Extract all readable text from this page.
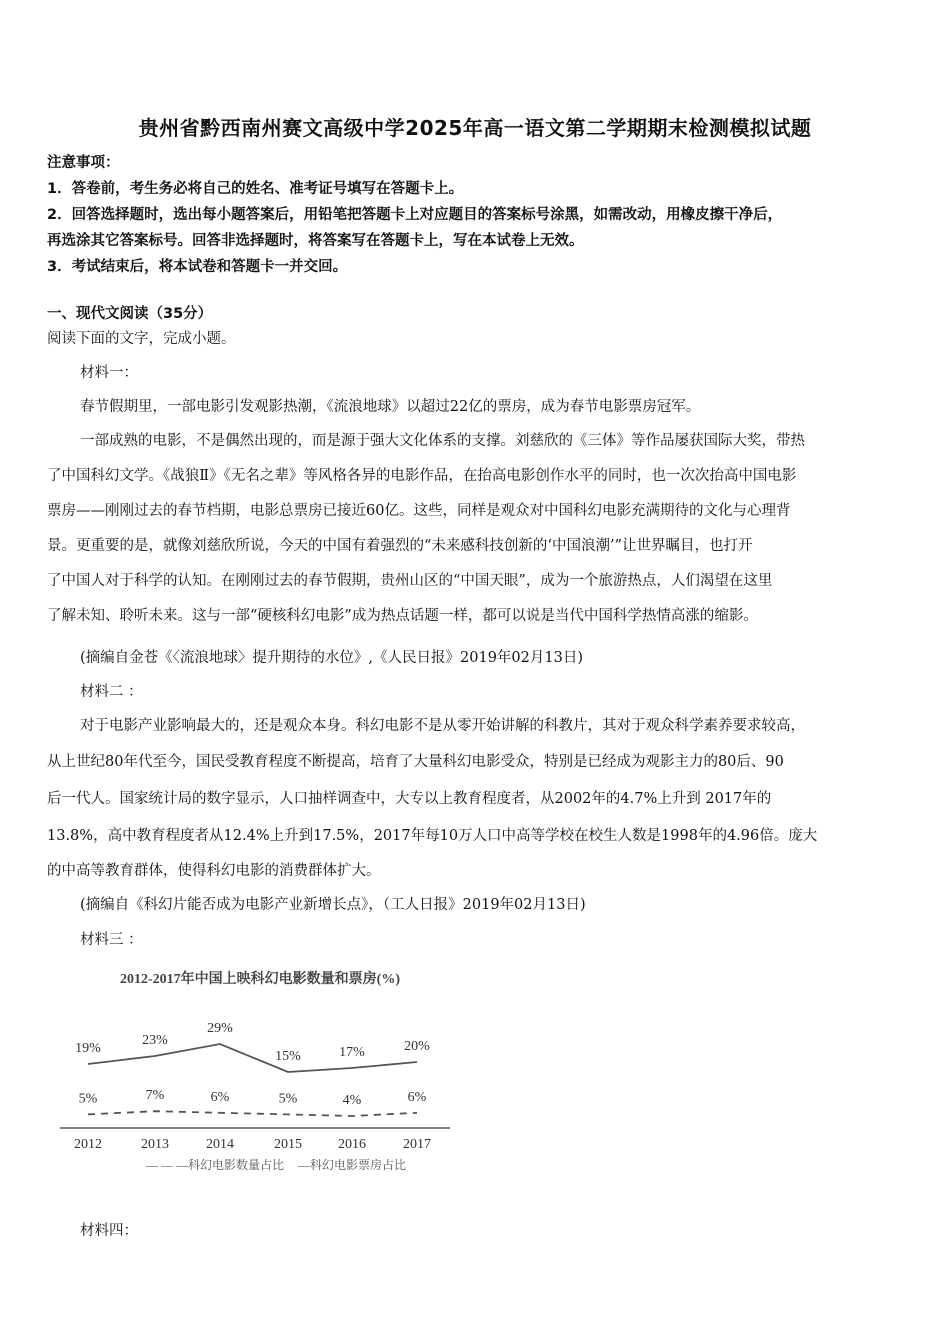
贵州省黔西南州赛文高级中学2025年高一语文第二学期期末检测模拟试题
注意事项：
1．答卷前，考生务必将自己的姓名、准考证号填写在答题卡上。
2．回答选择题时，选出每小题答案后，用铅笔把答题卡上对应题目的答案标号涂黑，如需改动，用橡皮擦干净后，
再选涂其它答案标号。回答非选择题时，将答案写在答题卡上，写在本试卷上无效。
3．考试结束后，将本试卷和答题卡一并交回。
一、现代文阅读（35分）
阅读下面的文字，完成小题。
材料一：
春节假期里，一部电影引发观影热潮，《流浪地球》以超过22亿的票房，成为春节电影票房冠军。
一部成熟的电影，不是偶然出现的，而是源于强大文化体系的支撑。刘慈欣的《三体》等作品屡获国际大奖，带热
了中国科幻文学。《战狼Ⅱ》《无名之辈》等风格各异的电影作品，在抬高电影创作水平的同时，也一次次抬高中国电影
票房——刚刚过去的春节档期，电影总票房已接近60亿。这些，同样是观众对中国科幻电影充满期待的文化与心理背
景。更重要的是，就像刘慈欣所说，今天的中国有着强烈的“未来感科技创新的‘中国浪潮’”让世界瞩目，也打开
了中国人对于科学的认知。在刚刚过去的春节假期，贵州山区的“中国天眼”，成为一个旅游热点，人们渴望在这里
了解未知、聆听未来。这与一部“硬核科幻电影”成为热点话题一样，都可以说是当代中国科学热情高涨的缩影。
(摘编自金苍《〈流浪地球〉提升期待的水位》,《人民日报》2019年02月13日)
材料二 ：
对于电影产业影响最大的，还是观众本身。科幻电影不是从零开始讲解的科教片，其对于观众科学素养要求较高，
从上世纪80年代至今，国民受教育程度不断提高，培育了大量科幻电影受众，特别是已经成为观影主力的80后、90
后一代人。国家统计局的数字显示，人口抽样调查中，大专以上教育程度者，从2002年的4.7%上升到 2017年的
13.8%，高中教育程度者从12.4%上升到17.5%，2017年每10万人口中高等学校在校生人数是1998年的4.96倍。庞大
的中高等教育群体，使得科幻电影的消费群体扩大。
(摘编自《科幻片能否成为电影产业新增长点》，（工人日报》2019年02月13日)
材料三 ：
材料四：
2012-2017年中国上映科幻电影数量和票房(%)
19%
23%
29%
15%	17%	20%
5%	7%	6%	5%	4%	6%
2012	2013	2014	2015	2016	2017
— — —科幻电影数量占比 —科幻电影票房占比
